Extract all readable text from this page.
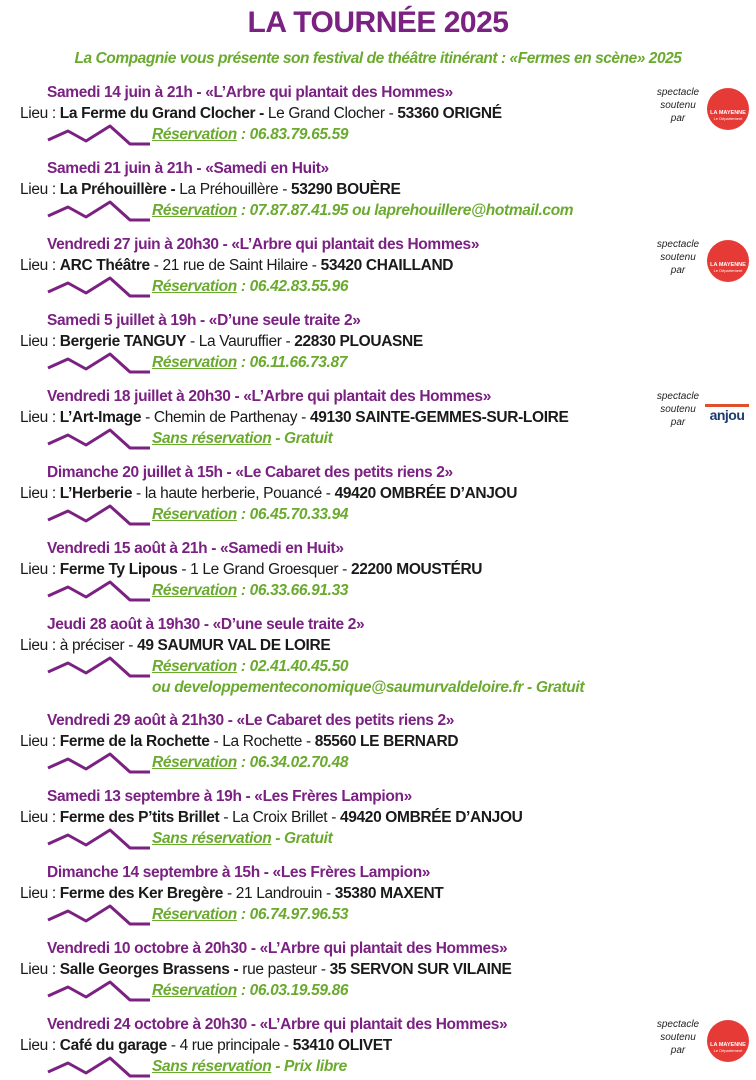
LA TOURNÉE 2025
La Compagnie vous présente son festival de théâtre itinérant : «Fermes en scène» 2025
Samedi 14 juin à 21h - «L’Arbre qui plantait des Hommes»
Lieu : La Ferme du Grand Clocher - Le Grand Clocher - 53360 ORIGNÉ
Réservation : 06.83.79.65.59
spectacle
soutenu
par	LA MAYENNE
Le Département
Samedi 21 juin à 21h - «Samedi en Huit»
Lieu : La Préhouillère - La Préhouillère - 53290 BOUÈRE
Réservation : 07.87.87.41.95 ou laprehouillere@hotmail.com
Vendredi 27 juin à 20h30 - «L’Arbre qui plantait des Hommes»
Lieu : ARC Théâtre - 21 rue de Saint Hilaire - 53420 CHAILLAND
Réservation : 06.42.83.55.96
spectacle
soutenu
par	LA MAYENNE
Le Département
Samedi 5 juillet à 19h - «D’une seule traite 2»
Lieu : Bergerie TANGUY - La Vauruffier - 22830 PLOUASNE
Réservation : 06.11.66.73.87
Vendredi 18 juillet à 20h30 - «L’Arbre qui plantait des Hommes»
Lieu : L’Art-Image - Chemin de Parthenay - 49130 SAINTE-GEMMES-SUR-LOIRE
Sans réservation - Gratuit
spectacle
soutenu
par	anjou
Dimanche 20 juillet à 15h - «Le Cabaret des petits riens 2»
Lieu : L’Herberie - la haute herberie, Pouancé - 49420 OMBRÉE D’ANJOU
Réservation : 06.45.70.33.94
Vendredi 15 août à 21h - «Samedi en Huit»
Lieu : Ferme Ty Lipous - 1 Le Grand Groesquer - 22200 MOUSTÉRU
Réservation : 06.33.66.91.33
Jeudi 28 août à 19h30 - «D’une seule traite 2»
Lieu : à préciser - 49 SAUMUR VAL DE LOIRE
Réservation : 02.41.40.45.50
ou developpementeconomique@saumurvaldeloire.fr - Gratuit
Vendredi 29 août à 21h30 - «Le Cabaret des petits riens 2»
Lieu : Ferme de la Rochette - La Rochette - 85560 LE BERNARD
Réservation : 06.34.02.70.48
Samedi 13 septembre à 19h - «Les Frères Lampion»
Lieu : Ferme des P’tits Brillet - La Croix Brillet - 49420 OMBRÉE D’ANJOU
Sans réservation - Gratuit
Dimanche 14 septembre à 15h - «Les Frères Lampion»
Lieu : Ferme des Ker Bregère - 21 Landrouin - 35380 MAXENT
Réservation : 06.74.97.96.53
Vendredi 10 octobre à 20h30 - «L’Arbre qui plantait des Hommes»
Lieu : Salle Georges Brassens - rue pasteur - 35 SERVON SUR VILAINE
Réservation : 06.03.19.59.86
Vendredi 24 octobre à 20h30 - «L’Arbre qui plantait des Hommes»
Lieu : Café du garage - 4 rue principale - 53410 OLIVET
Sans réservation - Prix libre
spectacle
soutenu
par	LA MAYENNE
Le Département
